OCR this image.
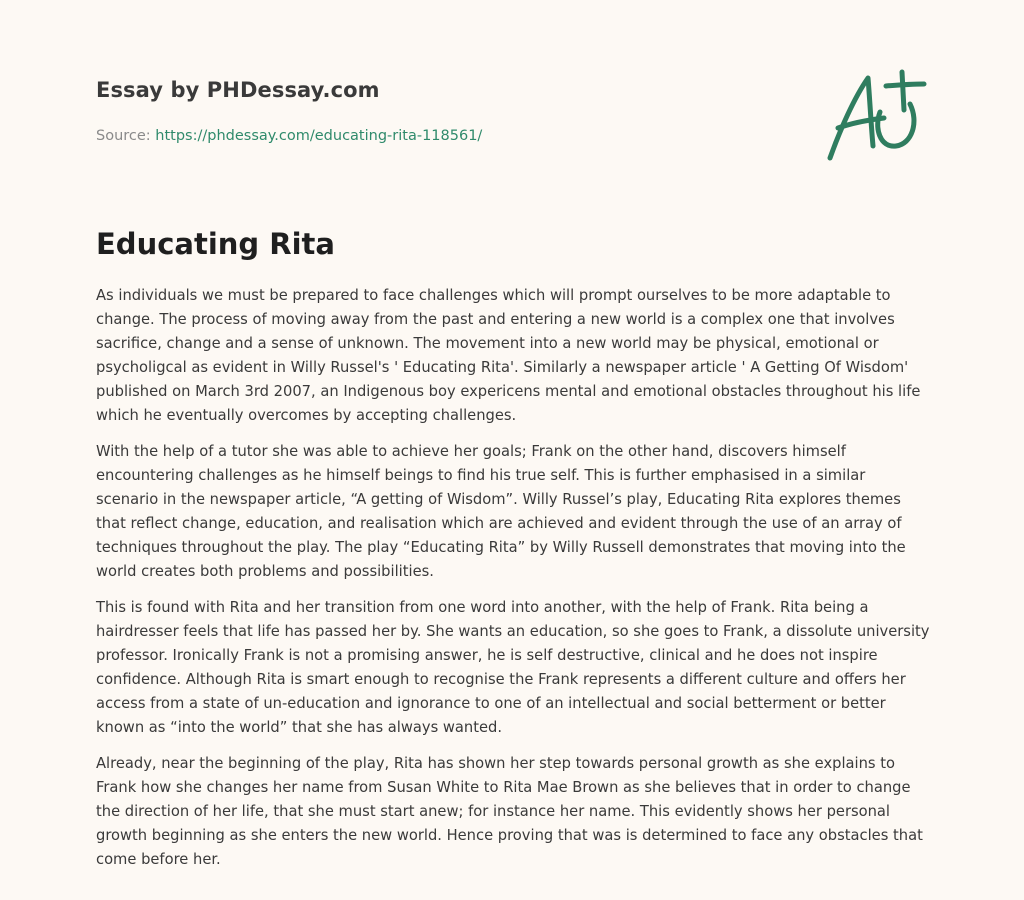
Essay by PHDessay.com
Source: https://phdessay.com/educating-rita-118561/
Educating Rita

As individuals we must be prepared to face challenges which will prompt ourselves to be more adaptable to change. The process of moving away from the past and entering a new world is a complex one that involves sacrifice, change and a sense of unknown. The movement into a new world may be physical, emotional or psycholigcal as evident in Willy Russel's ' Educating Rita'. Similarly a newspaper article ' A Getting Of Wisdom' published on March 3rd 2007, an Indigenous boy expericens mental and emotional obstacles throughout his life which he eventually overcomes by accepting challenges.

With the help of a tutor she was able to achieve her goals; Frank on the other hand, discovers himself encountering challenges as he himself beings to find his true self. This is further emphasised in a similar scenario in the newspaper article, “A getting of Wisdom”. Willy Russel’s play, Educating Rita explores themes that reflect change, education, and realisation which are achieved and evident through the use of an array of techniques throughout the play. The play “Educating Rita” by Willy Russell demonstrates that moving into the world creates both problems and possibilities.

This is found with Rita and her transition from one word into another, with the help of Frank. Rita being a hairdresser feels that life has passed her by. She wants an education, so she goes to Frank, a dissolute university professor. Ironically Frank is not a promising answer, he is self destructive, clinical and he does not inspire confidence. Although Rita is smart enough to recognise the Frank represents a different culture and offers her access from a state of un-education and ignorance to one of an intellectual and social betterment or better known as “into the world” that she has always wanted.

Already, near the beginning of the play, Rita has shown her step towards personal growth as she explains to Frank how she changes her name from Susan White to Rita Mae Brown as she believes that in order to change the direction of her life, that she must start anew; for instance her name. This evidently shows her personal growth beginning as she enters the new world. Hence proving that was is determined to face any obstacles that come before her.
